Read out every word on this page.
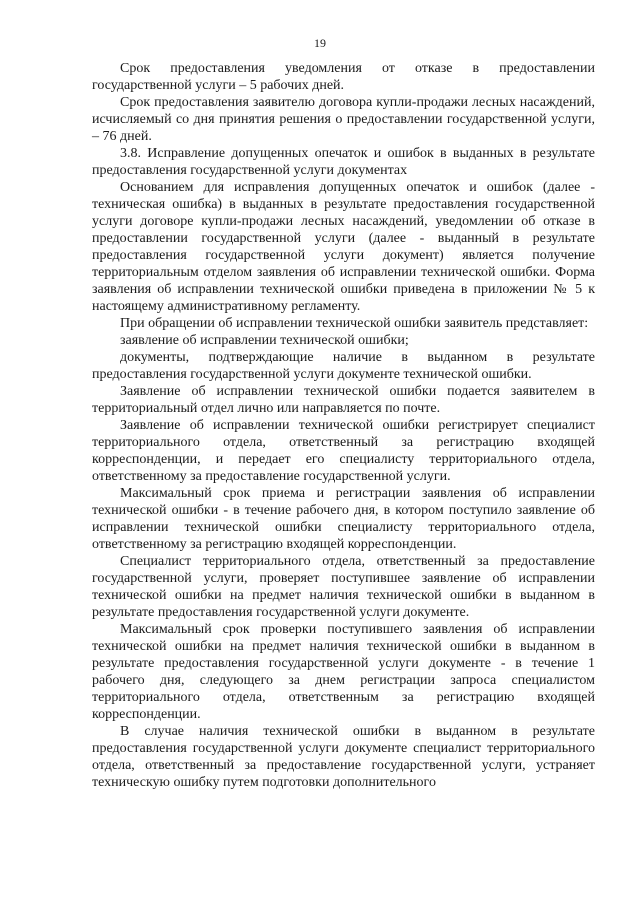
19

Срок предоставления уведомления от отказе в предоставлении государственной услуги – 5 рабочих дней.

Срок предоставления заявителю договора купли-продажи лесных насаждений, исчисляемый со дня принятия решения о предоставлении государственной услуги, – 76 дней.

3.8. Исправление допущенных опечаток и ошибок в выданных в результате предоставления государственной услуги документах

Основанием для исправления допущенных опечаток и ошибок (далее - техническая ошибка) в выданных в результате предоставления государственной услуги договоре купли-продажи лесных насаждений, уведомлении об отказе в предоставлении государственной услуги (далее - выданный в результате предоставления государственной услуги документ) является получение территориальным отделом заявления об исправлении технической ошибки. Форма заявления об исправлении технической ошибки приведена в приложении № 5 к настоящему административному регламенту.

При обращении об исправлении технической ошибки заявитель представляет:

заявление об исправлении технической ошибки;

документы, подтверждающие наличие в выданном в результате предоставления государственной услуги документе технической ошибки.

Заявление об исправлении технической ошибки подается заявителем в территориальный отдел лично или направляется по почте.

Заявление об исправлении технической ошибки регистрирует специалист территориального отдела, ответственный за регистрацию входящей корреспонденции, и передает его специалисту территориального отдела, ответственному за предоставление государственной услуги.

Максимальный срок приема и регистрации заявления об исправлении технической ошибки - в течение рабочего дня, в котором поступило заявление об исправлении технической ошибки специалисту территориального отдела, ответственному за регистрацию входящей корреспонденции.

Специалист территориального отдела, ответственный за предоставление государственной услуги, проверяет поступившее заявление об исправлении технической ошибки на предмет наличия технической ошибки в выданном в результате предоставления государственной услуги документе.

Максимальный срок проверки поступившего заявления об исправлении технической ошибки на предмет наличия технической ошибки в выданном в результате предоставления государственной услуги документе - в течение 1 рабочего дня, следующего за днем регистрации запроса специалистом территориального отдела, ответственным за регистрацию входящей корреспонденции.

В случае наличия технической ошибки в выданном в результате предоставления государственной услуги документе специалист территориального отдела, ответственный за предоставление государственной услуги, устраняет техническую ошибку путем подготовки дополнительного
